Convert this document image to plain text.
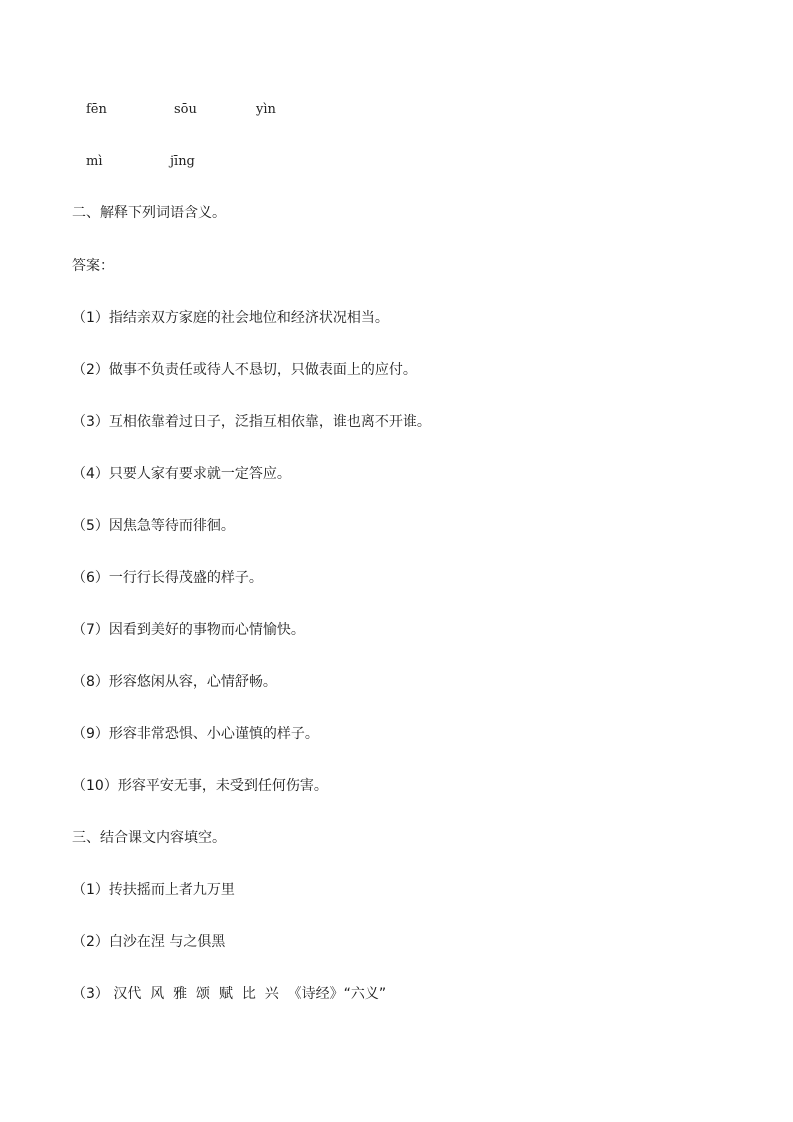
fēn	sōu	yìn
mì	jīng
二、解释下列词语含义。
答案：
（1）指结亲双方家庭的社会地位和经济状况相当。
（2）做事不负责任或待人不恳切，只做表面上的应付。
（3）互相依靠着过日子，泛指互相依靠，谁也离不开谁。
（4）只要人家有要求就一定答应。
（5）因焦急等待而徘徊。
（6）一行行长得茂盛的样子。
（7）因看到美好的事物而心情愉快。
（8）形容悠闲从容，心情舒畅。
（9）形容非常恐惧、小心谨慎的样子。
（10）形容平安无事，未受到任何伤害。
三、结合课文内容填空。
（1）抟扶摇而上者九万里
（2）白沙在涅 与之俱黑
（3） 汉代  风  雅  颂  赋  比  兴  《诗经》“六义”
